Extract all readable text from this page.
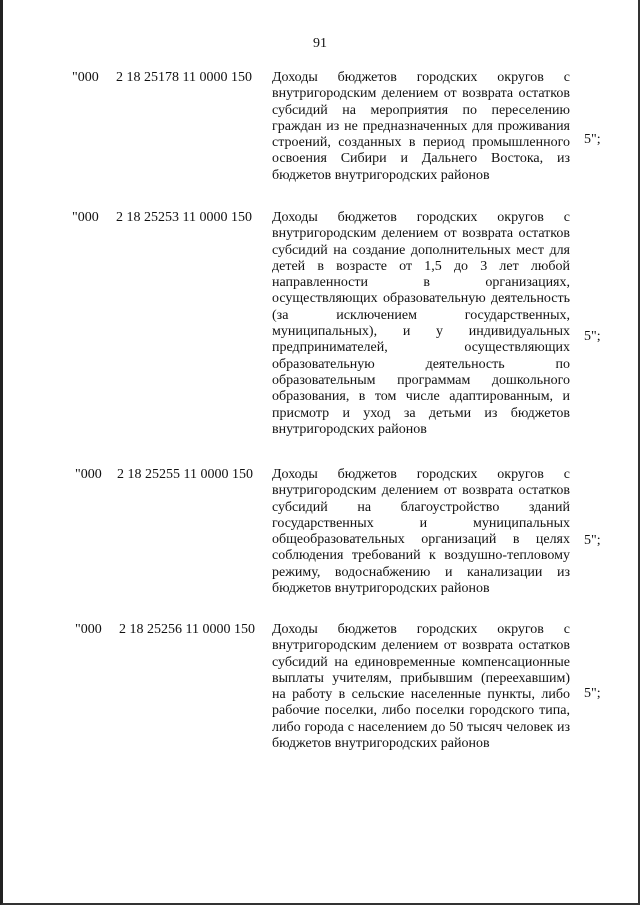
91
"000 2 18 25178 11 0000 150 Доходы бюджетов городских округов с внутригородским делением от возврата остатков субсидий на мероприятия по переселению граждан из не предназначенных для проживания строений, созданных в период промышленного освоения Сибири и Дальнего Востока, из бюджетов внутригородских районов
5";
"000 2 18 25253 11 0000 150 Доходы бюджетов городских округов с внутригородским делением от возврата остатков субсидий на создание дополнительных мест для детей в возрасте от 1,5 до 3 лет любой направленности в организациях, осуществляющих образовательную деятельность (за исключением государственных, муниципальных), и у индивидуальных предпринимателей, осуществляющих образовательную деятельность по образовательным программам дошкольного образования, в том числе адаптированным, и присмотр и уход за детьми из бюджетов внутригородских районов
5";
"000 2 18 25255 11 0000 150 Доходы бюджетов городских округов с внутригородским делением от возврата остатков субсидий на благоустройство зданий государственных и муниципальных общеобразовательных организаций в целях соблюдения требований к воздушно-тепловому режиму, водоснабжению и канализации из бюджетов внутригородских районов
5";
"000 2 18 25256 11 0000 150 Доходы бюджетов городских округов с внутригородским делением от возврата остатков субсидий на единовременные компенсационные выплаты учителям, прибывшим (переехавшим) на работу в сельские населенные пункты, либо рабочие поселки, либо поселки городского типа, либо города с населением до 50 тысяч человек из бюджетов внутригородских районов
5";
